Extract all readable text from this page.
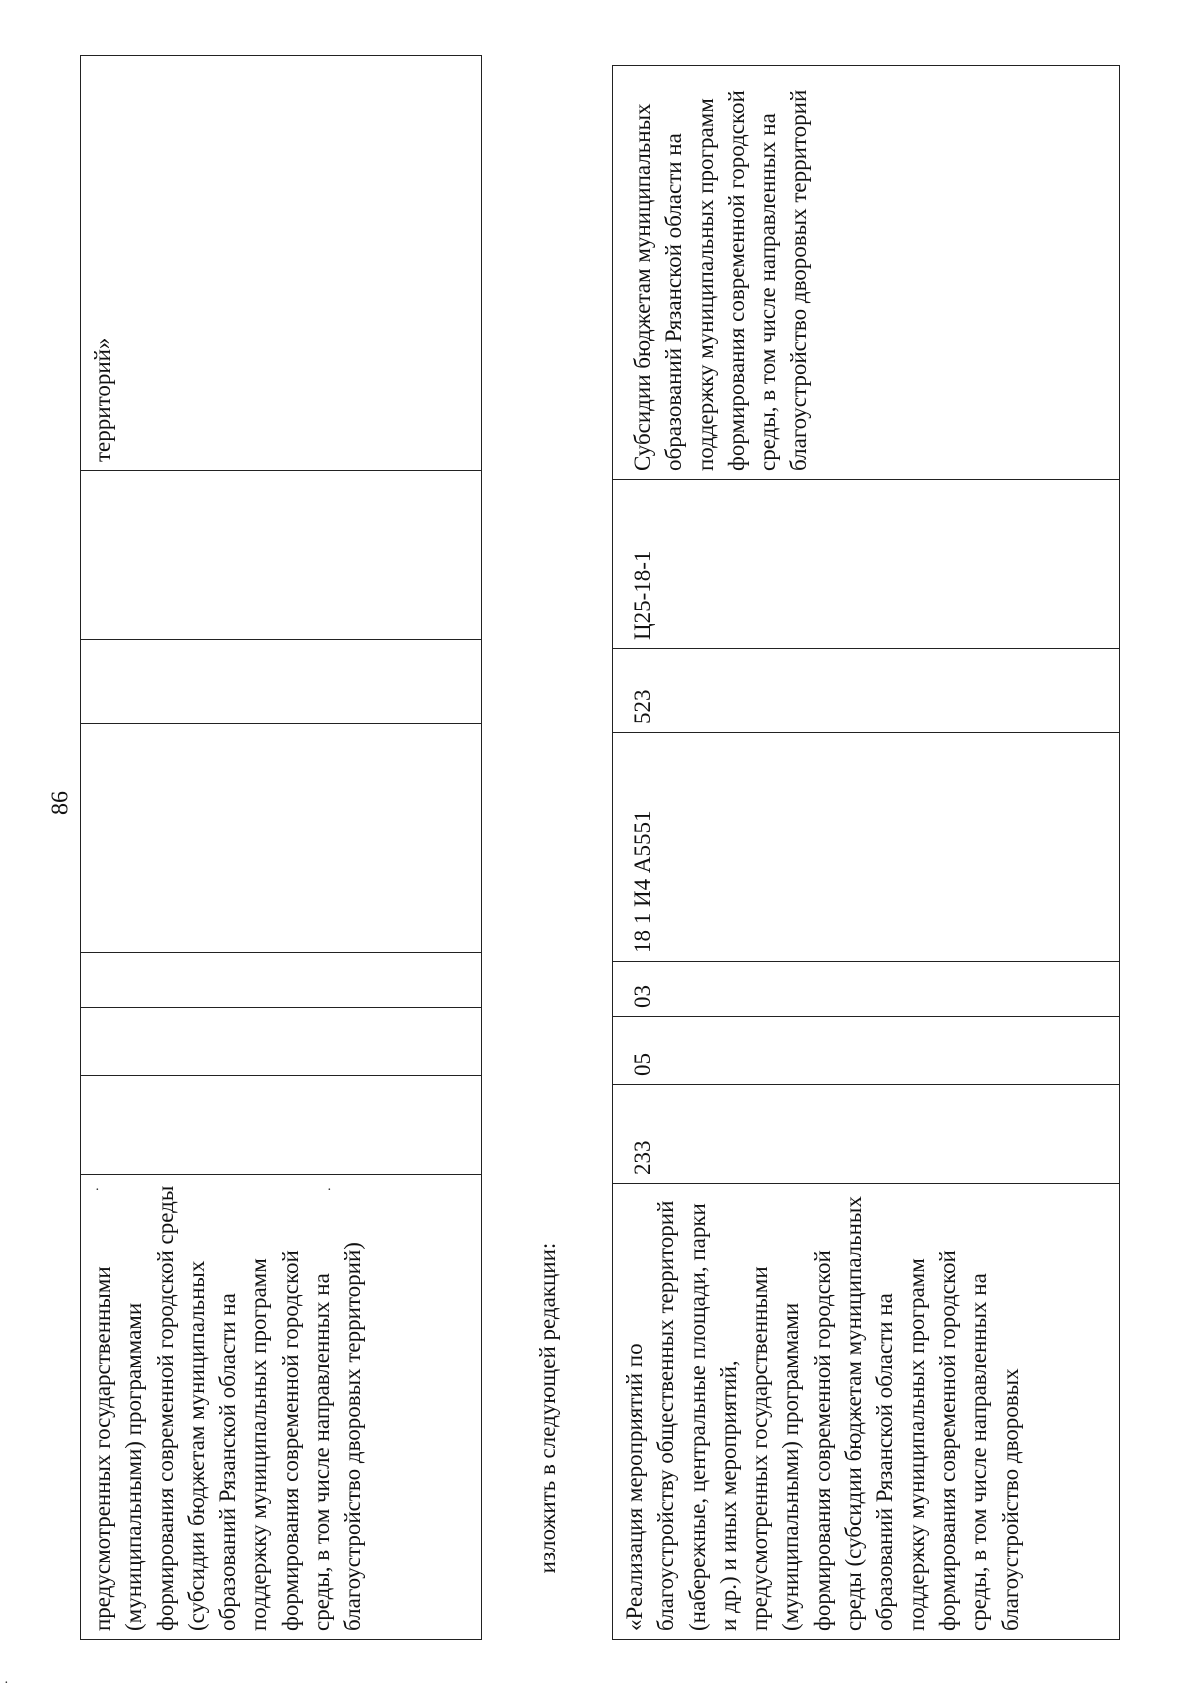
86
предусмотренных государственными (муниципальными) программами формирования современной городской среды (субсидии бюджетам муниципальных образований Рязанской области на поддержку муниципальных программ формирования современной городской среды, в том числе направленных на благоустройство дворовых территорий)							территорий»
изложить в следующей редакции:	«Реализация мероприятий по благоустройству общественных территорий (набережные, центральные площади, парки и др.) и иных мероприятий, предусмотренных государственными (муниципальными) программами формирования современной городской среды (субсидии бюджетам муниципальных образований Рязанской области на поддержку муниципальных программ формирования современной городской среды, в том числе направленных на благоустройство дворовых	233	05	03	18 1 И4 А5551	523	Ц25-18-1	Субсидии бюджетам муниципальных образований Рязанской области на поддержку муниципальных программ формирования современной городской среды, в том числе направленных на благоустройство дворовых территорий
·	·
·
